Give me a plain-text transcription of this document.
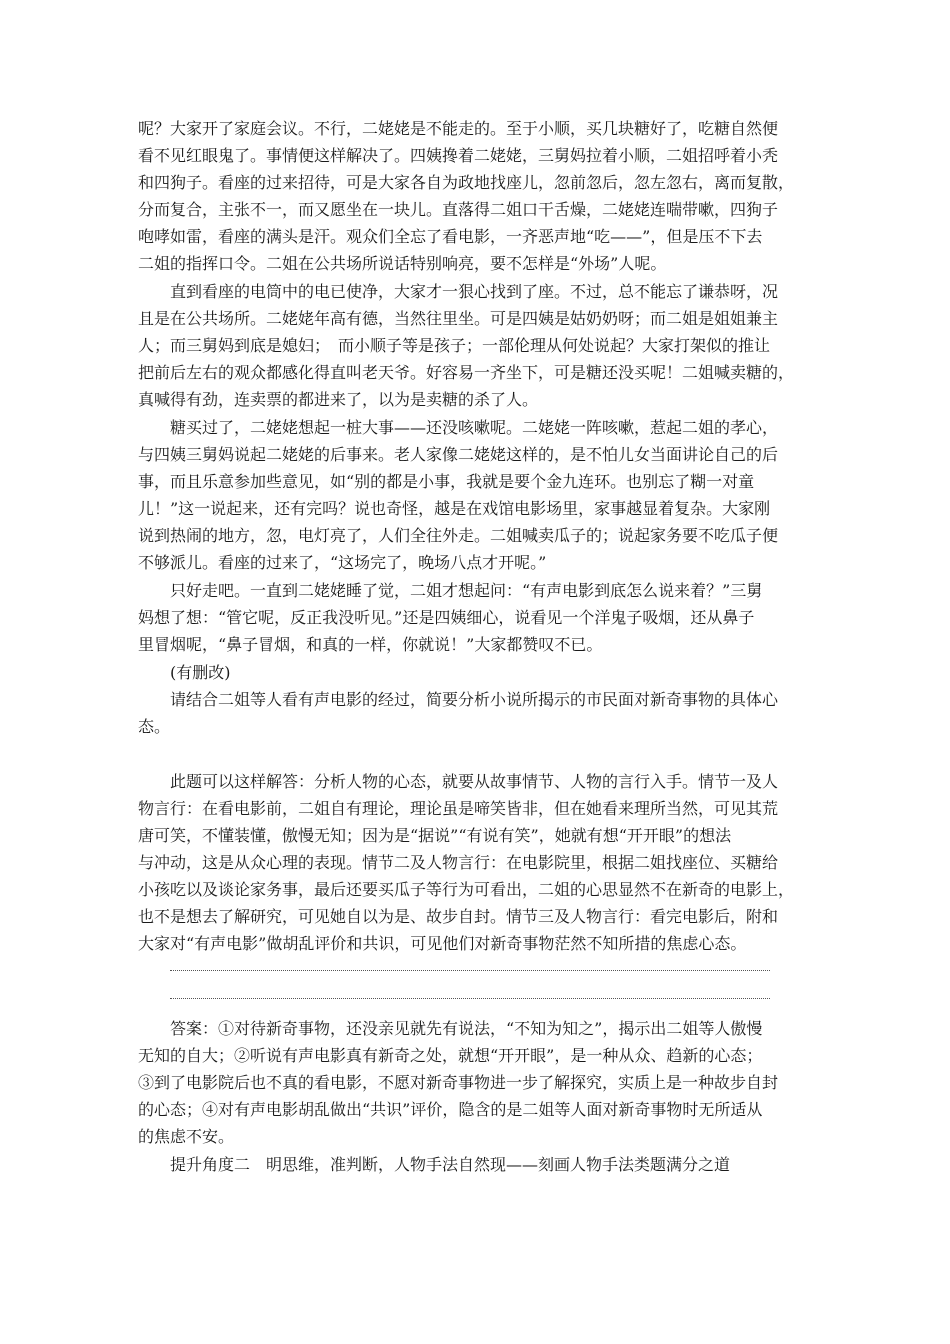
呢？大家开了家庭会议。不行，二姥姥是不能走的。至于小顺，买几块糖好了，吃糖自然便
看不见红眼鬼了。事情便这样解决了。四姨搀着二姥姥，三舅妈拉着小顺，二姐招呼着小秃
和四狗子。看座的过来招待，可是大家各自为政地找座儿，忽前忽后，忽左忽右，离而复散，
分而复合，主张不一，而又愿坐在一块儿。直落得二姐口干舌燥，二姥姥连喘带嗽，四狗子
咆哮如雷，看座的满头是汗。观众们全忘了看电影，一齐恶声地“吃——”，但是压不下去
二姐的指挥口令。二姐在公共场所说话特别响亮，要不怎样是“外场”人呢。
直到看座的电筒中的电已使净，大家才一狠心找到了座。不过，总不能忘了谦恭呀，况
且是在公共场所。二姥姥年高有德，当然往里坐。可是四姨是姑奶奶呀；而二姐是姐姐兼主
人；而三舅妈到底是媳妇；　而小顺子等是孩子；一部伦理从何处说起？大家打架似的推让
把前后左右的观众都感化得直叫老天爷。好容易一齐坐下，可是糖还没买呢！二姐喊卖糖的，
真喊得有劲，连卖票的都进来了，以为是卖糖的杀了人。
糖买过了，二姥姥想起一桩大事——还没咳嗽呢。二姥姥一阵咳嗽，惹起二姐的孝心，
与四姨三舅妈说起二姥姥的后事来。老人家像二姥姥这样的，是不怕儿女当面讲论自己的后
事，而且乐意参加些意见，如“别的都是小事，我就是要个金九连环。也别忘了糊一对童
儿！”这一说起来，还有完吗？说也奇怪，越是在戏馆电影场里，家事越显着复杂。大家刚
说到热闹的地方，忽，电灯亮了，人们全往外走。二姐喊卖瓜子的；说起家务要不吃瓜子便
不够派儿。看座的过来了，“这场完了，晚场八点才开呢。”
只好走吧。一直到二姥姥睡了觉，二姐才想起问：“有声电影到底怎么说来着？”三舅
妈想了想：“管它呢，反正我没听见。”还是四姨细心，说看见一个洋鬼子吸烟，还从鼻子
里冒烟呢，“鼻子冒烟，和真的一样，你就说！”大家都赞叹不已。
(有删改)
请结合二姐等人看有声电影的经过，简要分析小说所揭示的市民面对新奇事物的具体心
态。
此题可以这样解答：分析人物的心态，就要从故事情节、人物的言行入手。情节一及人
物言行：在看电影前，二姐自有理论，理论虽是啼笑皆非，但在她看来理所当然，可见其荒
唐可笑，不懂装懂，傲慢无知；因为是“据说”“有说有笑”，她就有想“开开眼”的想法
与冲动，这是从众心理的表现。情节二及人物言行：在电影院里，根据二姐找座位、买糖给
小孩吃以及谈论家务事，最后还要买瓜子等行为可看出，二姐的心思显然不在新奇的电影上，
也不是想去了解研究，可见她自以为是、故步自封。情节三及人物言行：看完电影后，附和
大家对“有声电影”做胡乱评价和共识，可见他们对新奇事物茫然不知所措的焦虑心态。
答案：①对待新奇事物，还没亲见就先有说法，“不知为知之”，揭示出二姐等人傲慢
无知的自大；②听说有声电影真有新奇之处，就想“开开眼”，是一种从众、趋新的心态；
③到了电影院后也不真的看电影，不愿对新奇事物进一步了解探究，实质上是一种故步自封
的心态；④对有声电影胡乱做出“共识”评价，隐含的是二姐等人面对新奇事物时无所适从
的焦虑不安。
提升角度二　明思维，准判断，人物手法自然现——刻画人物手法类题满分之道
